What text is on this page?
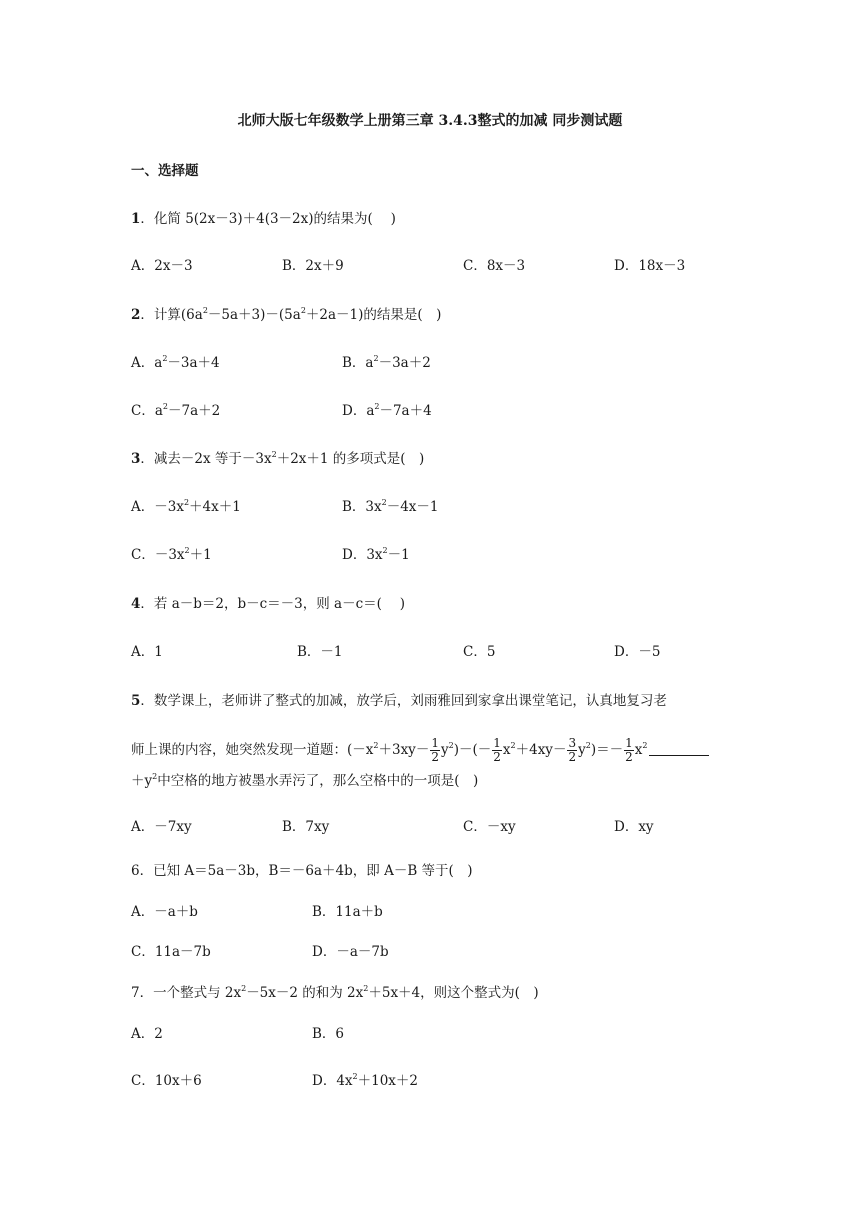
北师大版七年级数学上册第三章 3.4.3整式的加减 同步测试题
一、选择题
1．化简 5(2x－3)＋4(3－2x)的结果为(　 )
A．2x－3	B．2x＋9	C．8x－3	D．18x－3
2．计算$(6a^2-5a+3)-(5a^2+2a-1)$的结果是(　)
A．$a^2-3a+4$	B．$a^2-3a+2$
C．$a^2-7a+2$	D．$a^2-7a+4$
3．减去－2x 等于$-3x^2+2x+1$ 的多项式是(　)
A．$-3x^2+4x+1$	B．$3x^2-4x-1$
C．$-3x^2+1$	D．$3x^2-1$
4．若 a－b＝2，b－c＝－3，则 a－c＝(　 )
A．1	B．－1	C．5	D．－5
5．数学课上，老师讲了整式的加减，放学后，刘雨雅回到家拿出课堂笔记，认真地复习老
师上课的内容，她突然发现一道题：$(-x^2+3xy- \frac{1}{2} y^2)-(- \frac{1}{2} x^2+4xy- \frac{3}{2} y^2)=- \frac{1}{2} x^2$
$+y^2$中空格的地方被墨水弄污了，那么空格中的一项是(　)
A．－7xy	B．7xy	C．－xy	D．xy
6．已知 A＝5a－3b，B＝－6a＋4b，即 A－B 等于(　)
A．－a＋b	B．11a＋b
C．11a－7b	D．－a－7b
7．一个整式与 $2x^2-5x-2$ 的和为 $2x^2+5x+4$，则这个整式为(　)
A．2	B．6
C．10x＋6	D．$4x^2+10x+2$
